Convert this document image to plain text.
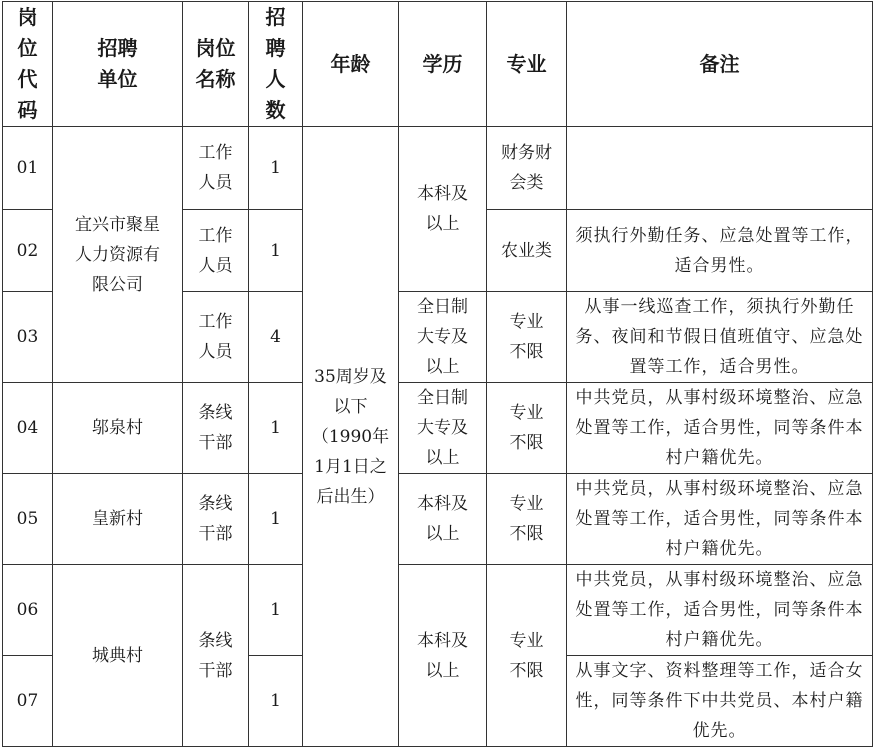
岗位代码	招聘单位	岗位名称	招聘人数	年龄	学历	专业	备注
01	宜兴市聚星人力资源有限公司	工作人员	1	35周岁及以下（1990年1月1日之后出生）	本科及以上	财务财会类	
02		工作人员	1			农业类	须执行外勤任务、应急处置等工作，适合男性。
03		工作人员	4		全日制大专及以上	专业不限	从事一线巡查工作，须执行外勤任务、夜间和节假日值班值守、应急处置等工作，适合男性。
04	邬泉村	条线干部	1		全日制大专及以上	专业不限	中共党员，从事村级环境整治、应急处置等工作，适合男性，同等条件本村户籍优先。
05	皇新村	条线干部	1		本科及以上	专业不限	中共党员，从事村级环境整治、应急处置等工作，适合男性，同等条件本村户籍优先。
06	城典村	条线干部	1		本科及以上	专业不限	中共党员，从事村级环境整治、应急处置等工作，适合男性，同等条件本村户籍优先。
07			1				从事文字、资料整理等工作，适合女性，同等条件下中共党员、本村户籍优先。
